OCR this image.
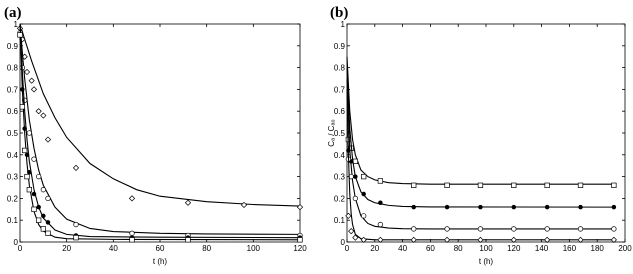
(a)
0	20	40	60	80	100	120
0
0.1
0.2
0.3
0.4
0.5
0.6
0.7
0.8
0.9
1
t (h)
(b)
0	20 40 60 80 100 120 140 160 180 200
0
0.1
0.2
0.3
0.4
0.5
0.6
0.7
0.8
0.9
1
t (h)
Cₐ / Cₐ₀
